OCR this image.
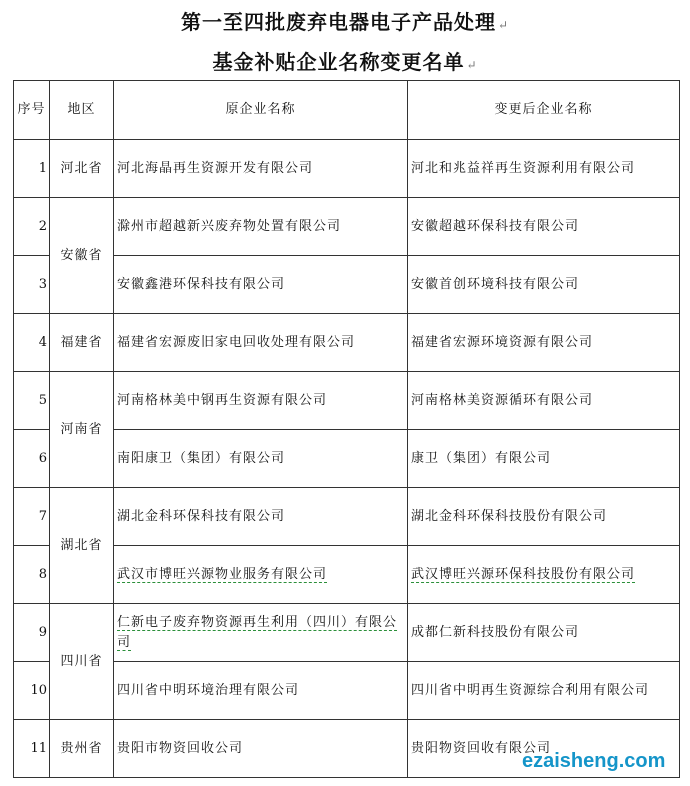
第一至四批废弃电器电子产品处理 ↵
基金补贴企业名称变更名单 ↵
序号	地区	原企业名称	变更后企业名称
1	河北省	河北海晶再生资源开发有限公司	河北和兆益祥再生资源利用有限公司
2	安徽省	滁州市超越新兴废弃物处置有限公司	安徽超越环保科技有限公司
3		安徽鑫港环保科技有限公司	安徽首创环境科技有限公司
4	福建省	福建省宏源废旧家电回收处理有限公司	福建省宏源环境资源有限公司
5	河南省	河南格林美中钢再生资源有限公司	河南格林美资源循环有限公司
6		南阳康卫（集团）有限公司	康卫（集团）有限公司
7	湖北省	湖北金科环保科技有限公司	湖北金科环保科技股份有限公司
8		武汉市博旺兴源物业服务有限公司	武汉博旺兴源环保科技股份有限公司
9	四川省	仁新电子废弃物资源再生利用（四川）有限公司	成都仁新科技股份有限公司
10		四川省中明环境治理有限公司	四川省中明再生资源综合利用有限公司
11	贵州省	贵阳市物资回收公司	贵阳物资回收有限公司
ezaisheng.com
